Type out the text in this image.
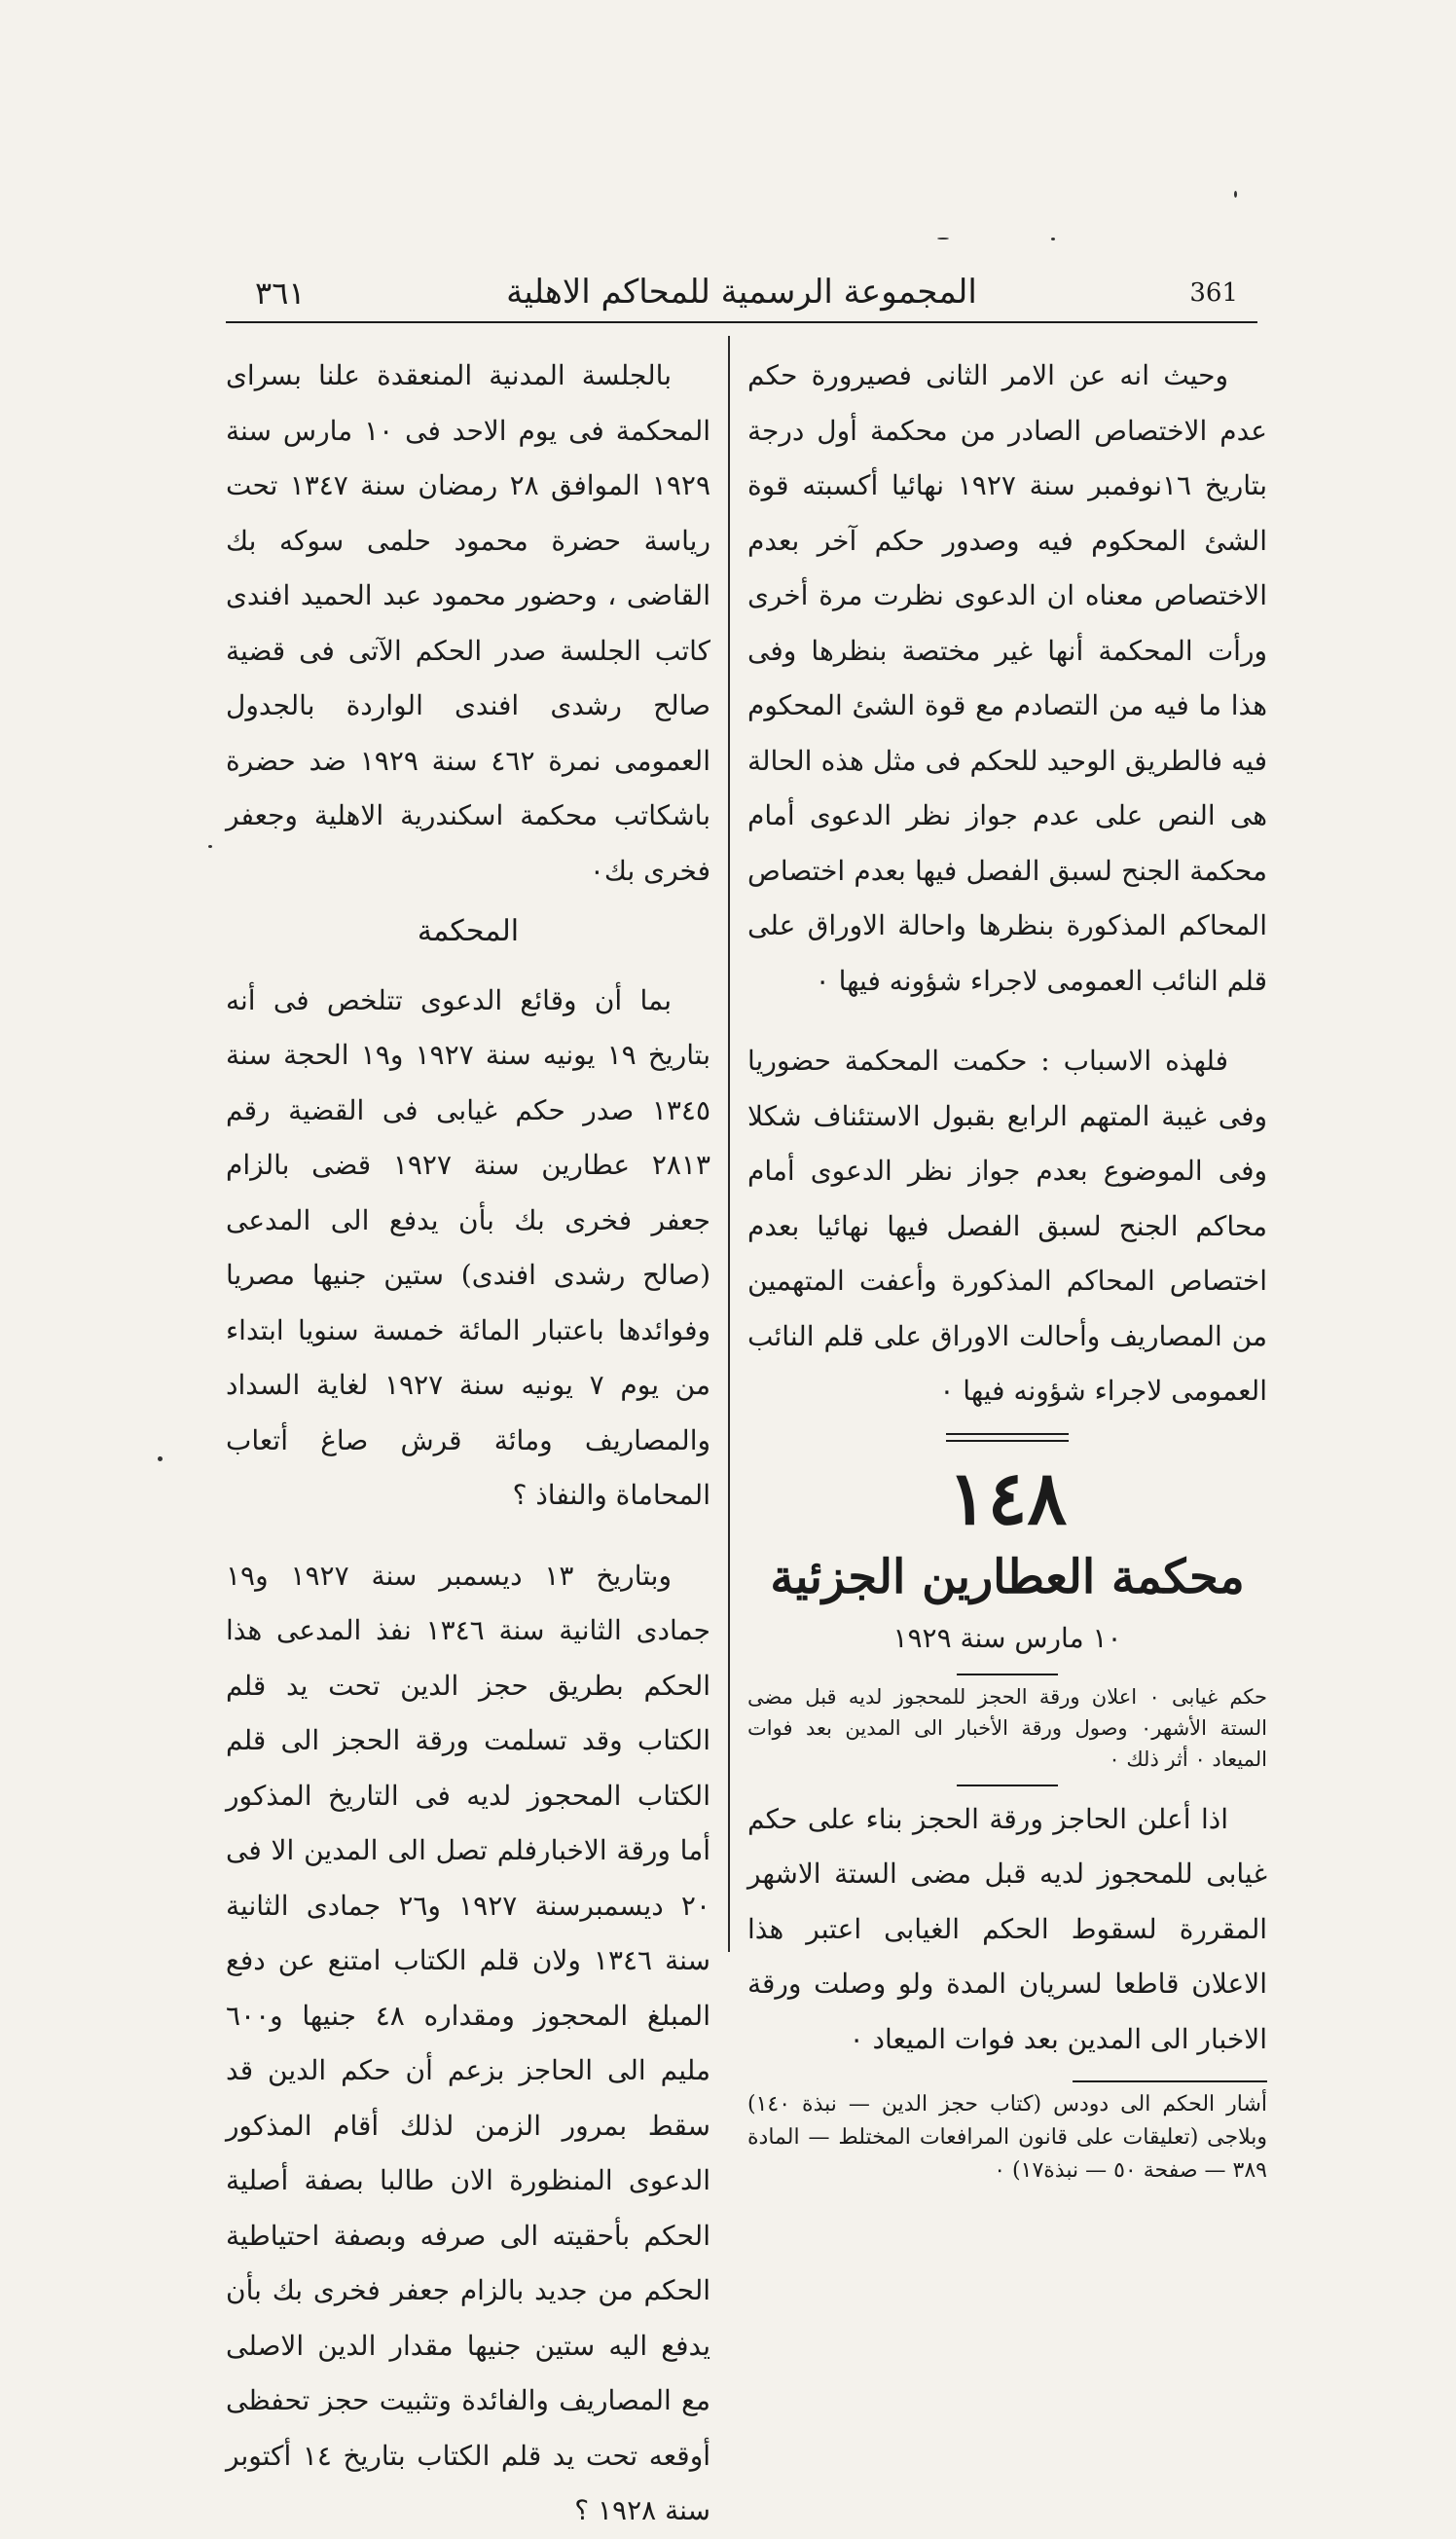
361
المجموعة الرسمية للمحاكم الاهلية
٣٦١

وحيث انه عن الامر الثانى فصيرورة حكم عدم الاختصاص الصادر من محكمة أول درجة بتاريخ ١٦نوفمبر سنة ١٩٢٧ نهائيا أكسبته قوة الشئ المحكوم فيه وصدور حكم آخر بعدم الاختصاص معناه ان الدعوى نظرت مرة أخرى ورأت المحكمة أنها غير مختصة بنظرها وفى هذا ما فيه من التصادم مع قوة الشئ المحكوم فيه فالطريق الوحيد للحكم فى مثل هذه الحالة هى النص على عدم جواز نظر الدعوى أمام محكمة الجنح لسبق الفصل فيها بعدم اختصاص المحاكم المذكورة بنظرها واحالة الاوراق على قلم النائب العمومى لاجراء شؤونه فيها ٠

فلهذه الاسباب : حكمت المحكمة حضوريا وفى غيبة المتهم الرابع بقبول الاستئناف شكلا وفى الموضوع بعدم جواز نظر الدعوى أمام محاكم الجنح لسبق الفصل فيها نهائيا بعدم اختصاص المحاكم المذكورة وأعفت المتهمين من المصاريف وأحالت الاوراق على قلم النائب العمومى لاجراء شؤونه فيها ٠

١٤٨
محكمة العطارين الجزئية
١٠ مارس سنة ١٩٢٩

حكم غيابى ٠ اعلان ورقة الحجز للمحجوز لديه قبل مضى الستة الأشهر٠ وصول ورقة الأخبار الى المدين بعد فوات الميعاد ٠ أثر ذلك ٠

اذا أعلن الحاجز ورقة الحجز بناء على حكم غيابى للمحجوز لديه قبل مضى الستة الاشهر المقررة لسقوط الحكم الغيابى اعتبر هذا الاعلان قاطعا لسريان المدة ولو وصلت ورقة الاخبار الى المدين بعد فوات الميعاد ٠

أشار الحكم الى دودس (كتاب حجز الدين — نبذة ١٤٠) وبلاجى (تعليقات على قانون المرافعات المختلط — المادة ٣٨٩ — صفحة ٥٠ — نبذة١٧) ٠

بالجلسة المدنية المنعقدة علنا بسراى المحكمة فى يوم الاحد فى ١٠ مارس سنة ١٩٢٩ الموافق ٢٨ رمضان سنة ١٣٤٧ تحت رياسة حضرة محمود حلمى سوكه بك القاضى ، وحضور محمود عبد الحميد افندى كاتب الجلسة صدر الحكم الآتى فى قضية صالح رشدى افندى الواردة بالجدول العمومى نمرة ٤٦٢ سنة ١٩٢٩ ضد حضرة باشكاتب محكمة اسكندرية الاهلية وجعفر فخرى بك٠

المحكمة

بما أن وقائع الدعوى تتلخص فى أنه بتاريخ ١٩ يونيه سنة ١٩٢٧ و١٩ الحجة سنة ١٣٤٥ صدر حكم غيابى فى القضية رقم ٢٨١٣ عطارين سنة ١٩٢٧ قضى بالزام جعفر فخرى بك بأن يدفع الى المدعى (صالح رشدى افندى) ستين جنيها مصريا وفوائدها باعتبار المائة خمسة سنويا ابتداء من يوم ٧ يونيه سنة ١٩٢٧ لغاية السداد والمصاريف ومائة قرش صاغ أتعاب المحاماة والنفاذ ؟

وبتاريخ ١٣ ديسمبر سنة ١٩٢٧ و١٩ جمادى الثانية سنة ١٣٤٦ نفذ المدعى هذا الحكم بطريق حجز الدين تحت يد قلم الكتاب وقد تسلمت ورقة الحجز الى قلم الكتاب المحجوز لديه فى التاريخ المذكور أما ورقة الاخبارفلم تصل الى المدين الا فى ٢٠ ديسمبرسنة ١٩٢٧ و٢٦ جمادى الثانية سنة ١٣٤٦ ولان قلم الكتاب امتنع عن دفع المبلغ المحجوز ومقداره ٤٨ جنيها و٦٠٠ مليم الى الحاجز بزعم أن حكم الدين قد سقط بمرور الزمن لذلك أقام المذكور الدعوى المنظورة الان طالبا بصفة أصلية الحكم بأحقيته الى صرفه وبصفة احتياطية الحكم من جديد بالزام جعفر فخرى بك بأن يدفع اليه ستين جنيها مقدار الدين الاصلى مع المصاريف والفائدة وتثبيت حجز تحفظى أوقعه تحت يد قلم الكتاب بتاريخ ١٤ أكتوبر سنة ١٩٢٨ ؟
